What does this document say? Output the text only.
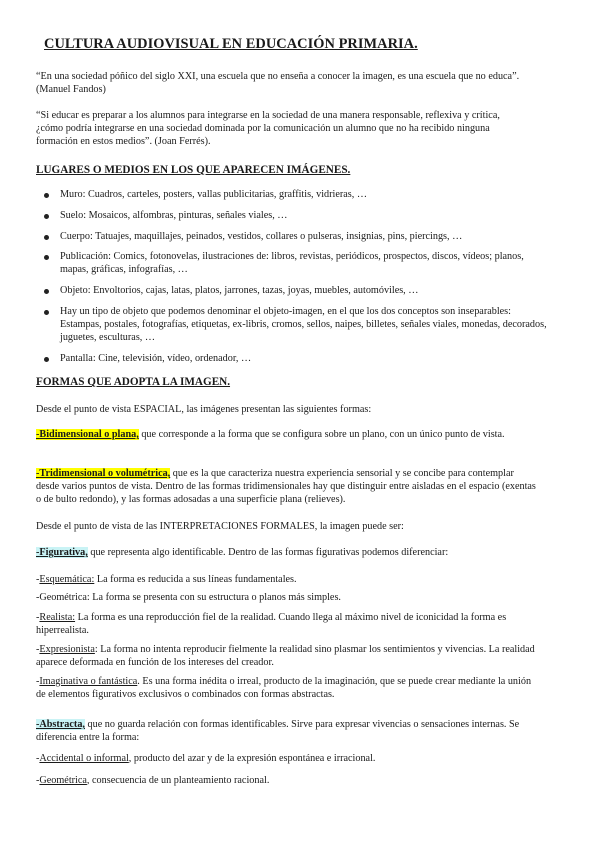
CULTURA AUDIOVISUAL EN EDUCACIÓN PRIMARIA.
“En una sociedad póñico del siglo XXI, una escuela que no enseña a conocer la imagen, es una escuela que no educa”. (Manuel Fandos)
“Si educar es preparar a los alumnos para integrarse en la sociedad de una manera responsable, reflexiva y crítica, ¿cómo podría integrarse en una sociedad dominada por la comunicación un alumno que no ha recibido ninguna formación en estos medios”. (Joan Ferrés).
LUGARES O MEDIOS EN LOS QUE APARECEN IMÁGENES.
Muro: Cuadros, carteles, posters, vallas publicitarias, graffitis, vidrieras, …
Suelo: Mosaicos, alfombras, pinturas, señales viales, …
Cuerpo: Tatuajes, maquillajes, peinados, vestidos, collares o pulseras, insignias, pins, piercings, …
Publicación: Comics, fotonovelas, ilustraciones de: libros, revistas, periódicos, prospectos, discos, vídeos; planos, mapas, gráficas, infografías, …
Objeto: Envoltorios, cajas, latas, platos, jarrones, tazas, joyas, muebles, automóviles, …
Hay un tipo de objeto que podemos denominar el objeto-imagen, en el que los dos conceptos son inseparables: Estampas, postales, fotografías, etiquetas, ex-libris, cromos, sellos, naipes, billetes, señales viales, monedas, decorados, juguetes, esculturas, …
Pantalla: Cine, televisión, vídeo, ordenador, …
FORMAS QUE ADOPTA LA IMAGEN.
Desde el punto de vista ESPACIAL, las imágenes presentan las siguientes formas:
-Bidimensional o plana, que corresponde a la forma que se configura sobre un plano, con un único punto de vista.
-Tridimensional o volumétrica, que es la que caracteriza nuestra experiencia sensorial y se concibe para contemplar desde varios puntos de vista. Dentro de las formas tridimensionales hay que distinguir entre aisladas en el espacio (exentas o de bulto redondo), y las formas adosadas a una superficie plana (relieves).
Desde el punto de vista de las INTERPRETACIONES FORMALES, la imagen puede ser:
-Figurativa, que representa algo identificable. Dentro de las formas figurativas podemos diferenciar:
-Esquemática: La forma es reducida a sus líneas fundamentales.
-Geométrica: La forma se presenta con su estructura o planos más simples.
-Realista: La forma es una reproducción fiel de la realidad. Cuando llega al máximo nivel de iconicidad la forma es hiperrealista.
-Expresionista: La forma no intenta reproducir fielmente la realidad sino plasmar los sentimientos y vivencias. La realidad aparece deformada en función de los intereses del creador.
-Imaginativa o fantástica. Es una forma inédita o irreal, producto de la imaginación, que se puede crear mediante la unión de elementos figurativos exclusivos o combinados con formas abstractas.
-Abstracta, que no guarda relación con formas identificables. Sirve para expresar vivencias o sensaciones internas. Se diferencia entre la forma:
-Accidental o informal, producto del azar y de la expresión espontánea e irracional.
-Geométrica, consecuencia de un planteamiento racional.
